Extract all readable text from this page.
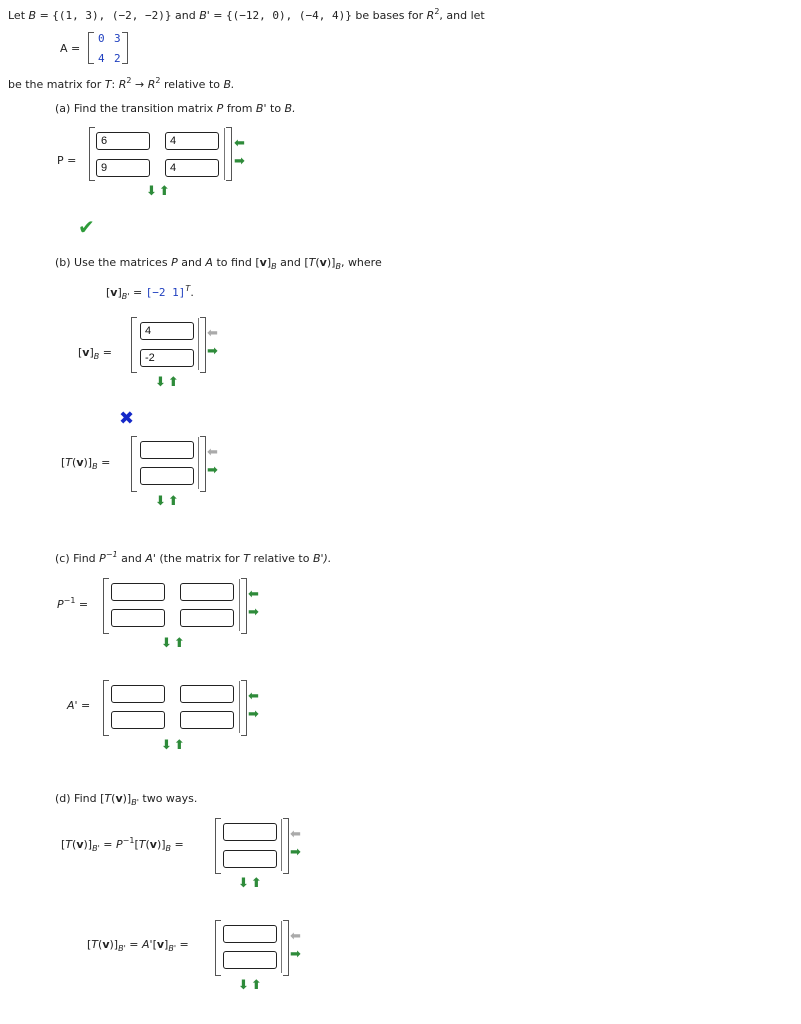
Let B = {(1, 3), (−2, −2)} and B' = {(−12, 0), (−4, 4)} be bases for $R^2$, and let
A =
0 3
4 2
be the matrix for T: $R^2 \to R^2$ relative to B.
(a) Find the transition matrix P from B' to B.
P =
6
4
9
4
⬅
➡
⬇⬆
✔
(b) Use the matrices P and A to find $[v]_B$ and $[T(v)]_B$, where
$[v]_{B'} = [-2$ 1]$^T$.
$[v]_B$ =
4
-2
⬅
➡
⬇⬆
✖
$[T(v)]_B$ =
⬅
➡
⬇⬆
(c) Find $P^{-1}$ and A' (the matrix for T relative to B').
$P^{-1}$ =
⬅
➡
⬇⬆
A' =
⬅
➡
⬇⬆
(d) Find $[T(v)]_{B'}$ two ways.
$[T(v)]_{B'} = P^{-1}[T(v)]_B$ =
⬅
➡
⬇⬆
$[T(v)]_{B'} = A'[v]_{B'}$ =
⬅
➡
⬇⬆
